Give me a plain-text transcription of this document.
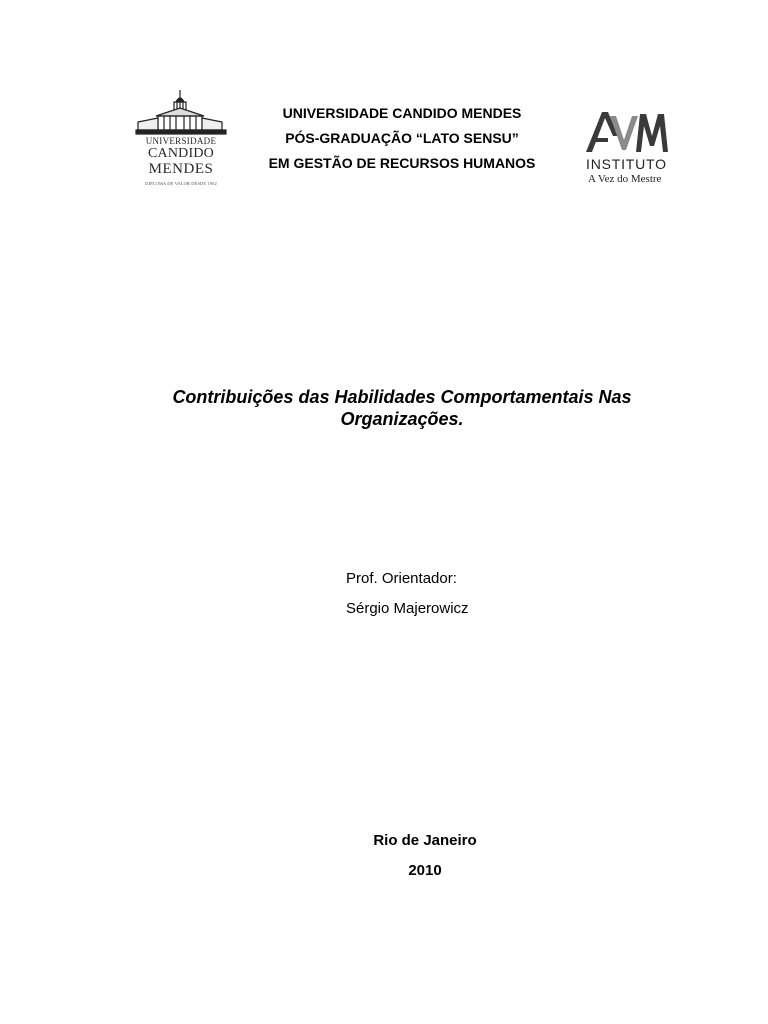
UNIVERSIDADE
CANDIDO
MENDES
DIPLOMA DE VALOR DESDE 1902
UNIVERSIDADE CANDIDO MENDES
PÓS-GRADUAÇÃO “LATO SENSU”
EM GESTÃO DE RECURSOS HUMANOS	INSTITUTO
A Vez do Mestre
Contribuições das Habilidades Comportamentais Nas Organizações.
Prof. Orientador:
Sérgio Majerowicz
Rio de Janeiro
2010
